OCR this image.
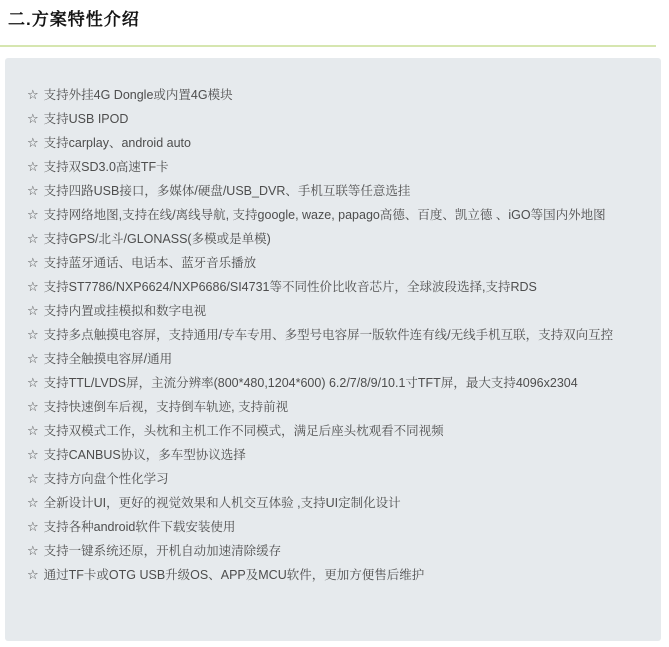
二.方案特性介绍
☆ 支持外挂4G Dongle或内置4G模块
☆ 支持USB IPOD
☆ 支持carplay、android auto
☆ 支持双SD3.0高速TF卡
☆ 支持四路USB接口，多媒体/硬盘/USB_DVR、手机互联等任意选挂
☆ 支持网络地图,支持在线/离线导航, 支持google, waze, papago高德、百度、凯立德 、iGO等国内外地图
☆ 支持GPS/北斗/GLONASS(多模或是单模)
☆ 支持蓝牙通话、电话本、蓝牙音乐播放
☆ 支持ST7786/NXP6624/NXP6686/SI4731等不同性价比收音芯片，全球波段选择,支持RDS
☆ 支持内置或挂模拟和数字电视
☆ 支持多点触摸电容屏，支持通用/专车专用、多型号电容屏一版软件连有线/无线手机互联，支持双向互控
☆ 支持全触摸电容屏/通用
☆ 支持TTL/LVDS屏，主流分辨率(800*480,1204*600) 6.2/7/8/9/10.1寸TFT屏，最大支持4096x2304
☆ 支持快速倒车后视，支持倒车轨迹, 支持前视
☆ 支持双模式工作，头枕和主机工作不同模式，满足后座头枕观看不同视频
☆ 支持CANBUS协议，多车型协议选择
☆ 支持方向盘个性化学习
☆ 全新设计UI，更好的视觉效果和人机交互体验 ,支持UI定制化设计
☆ 支持各种android软件下载安装使用
☆ 支持一键系统还原，开机自动加速清除缓存
☆ 通过TF卡或OTG USB升级OS、APP及MCU软件，更加方便售后维护
